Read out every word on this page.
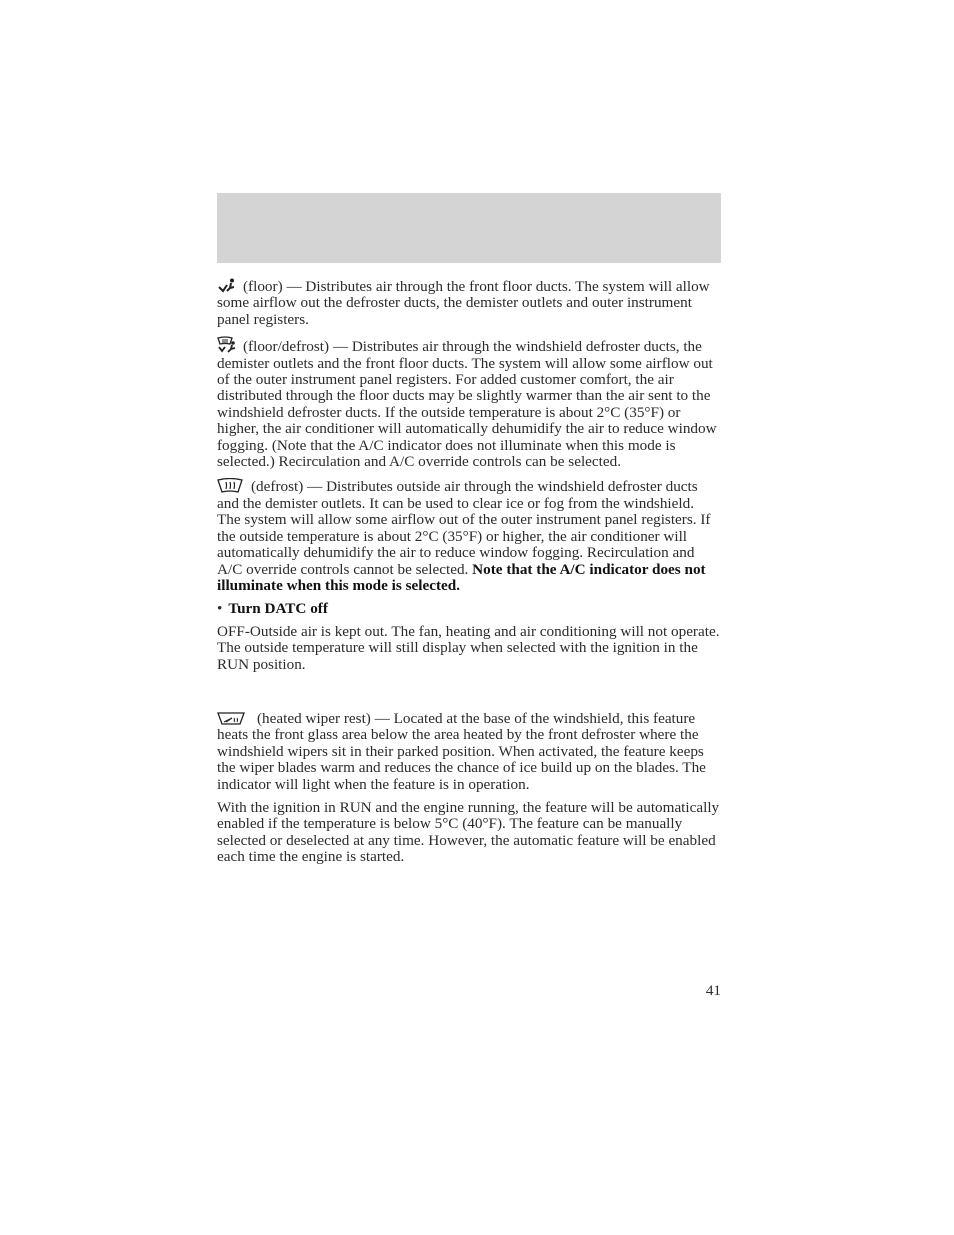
(floor) — Distributes air through the front floor ducts. The system will allow some airflow out the defroster ducts, the demister outlets and outer instrument panel registers.

(floor/defrost) — Distributes air through the windshield defroster ducts, the demister outlets and the front floor ducts. The system will allow some airflow out of the outer instrument panel registers. For added customer comfort, the air distributed through the floor ducts may be slightly warmer than the air sent to the windshield defroster ducts. If the outside temperature is about 2°C (35°F) or higher, the air conditioner will automatically dehumidify the air to reduce window fogging. (Note that the A/C indicator does not illuminate when this mode is selected.) Recirculation and A/C override controls can be selected.

(defrost) — Distributes outside air through the windshield defroster ducts and the demister outlets. It can be used to clear ice or fog from the windshield. The system will allow some airflow out of the outer instrument panel registers. If the outside temperature is about 2°C (35°F) or higher, the air conditioner will automatically dehumidify the air to reduce window fogging. Recirculation and A/C override controls cannot be selected. Note that the A/C indicator does not illuminate when this mode is selected.

• Turn DATC off

OFF-Outside air is kept out. The fan, heating and air conditioning will not operate. The outside temperature will still display when selected with the ignition in the RUN position.

(heated wiper rest) — Located at the base of the windshield, this feature heats the front glass area below the area heated by the front defroster where the windshield wipers sit in their parked position. When activated, the feature keeps the wiper blades warm and reduces the chance of ice build up on the blades. The indicator will light when the feature is in operation.

With the ignition in RUN and the engine running, the feature will be automatically enabled if the temperature is below 5°C (40°F). The feature can be manually selected or deselected at any time. However, the automatic feature will be enabled each time the engine is started.

41
